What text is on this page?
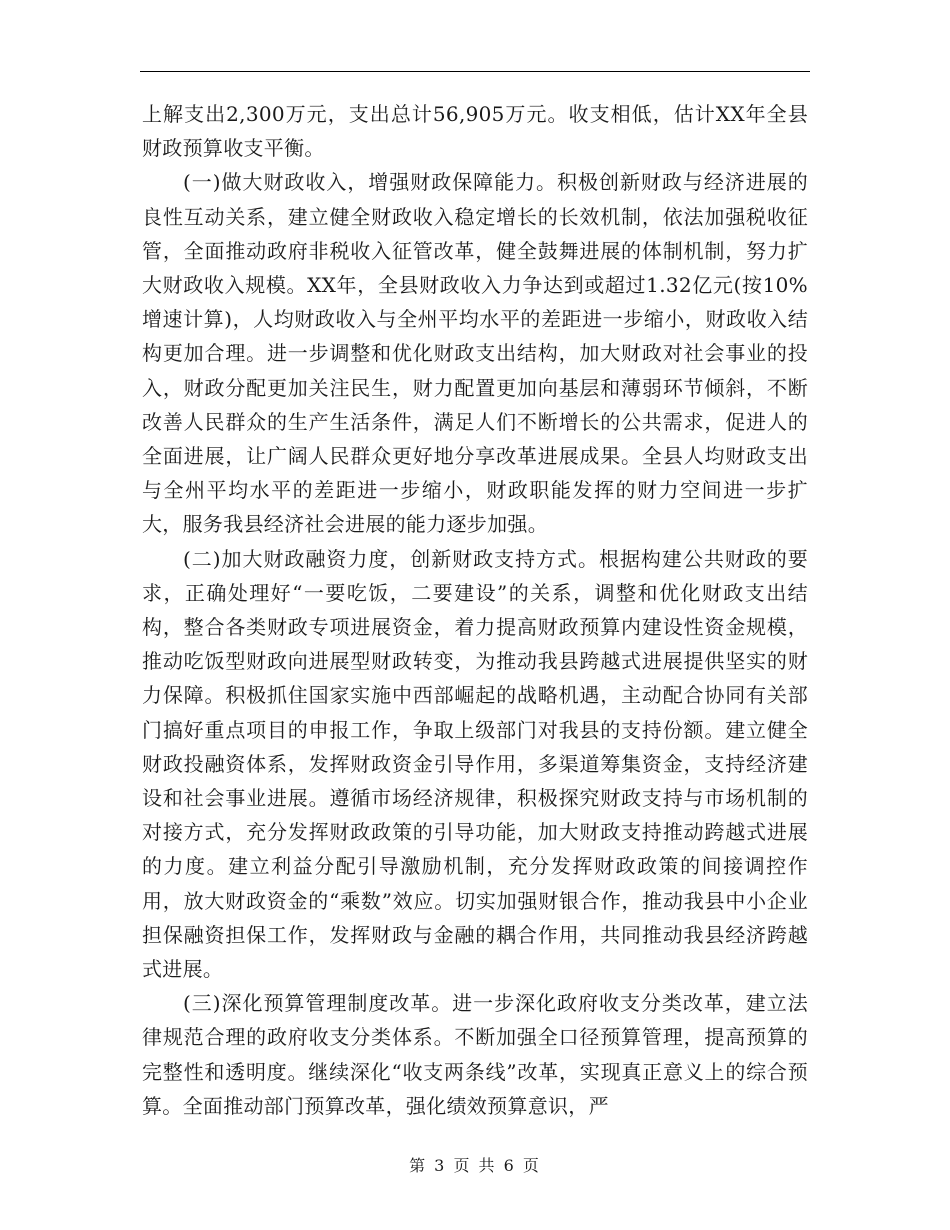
上解支出2,300万元，支出总计56,905万元。收支相低，估计XX年全县财政预算收支平衡。

(一)做大财政收入，增强财政保障能力。积极创新财政与经济进展的良性互动关系，建立健全财政收入稳定增长的长效机制，依法加强税收征管，全面推动政府非税收入征管改革，健全鼓舞进展的体制机制，努力扩大财政收入规模。XX年，全县财政收入力争达到或超过1.32亿元(按10%增速计算)，人均财政收入与全州平均水平的差距进一步缩小，财政收入结构更加合理。进一步调整和优化财政支出结构，加大财政对社会事业的投入，财政分配更加关注民生，财力配置更加向基层和薄弱环节倾斜，不断改善人民群众的生产生活条件，满足人们不断增长的公共需求，促进人的全面进展，让广阔人民群众更好地分享改革进展成果。全县人均财政支出与全州平均水平的差距进一步缩小，财政职能发挥的财力空间进一步扩大，服务我县经济社会进展的能力逐步加强。

(二)加大财政融资力度，创新财政支持方式。根据构建公共财政的要求，正确处理好“一要吃饭，二要建设”的关系，调整和优化财政支出结构，整合各类财政专项进展资金，着力提高财政预算内建设性资金规模，推动吃饭型财政向进展型财政转变，为推动我县跨越式进展提供坚实的财力保障。积极抓住国家实施中西部崛起的战略机遇，主动配合协同有关部门搞好重点项目的申报工作，争取上级部门对我县的支持份额。建立健全财政投融资体系，发挥财政资金引导作用，多渠道筹集资金，支持经济建设和社会事业进展。遵循市场经济规律，积极探究财政支持与市场机制的对接方式，充分发挥财政政策的引导功能，加大财政支持推动跨越式进展的力度。建立利益分配引导激励机制，充分发挥财政政策的间接调控作用，放大财政资金的“乘数”效应。切实加强财银合作，推动我县中小企业担保融资担保工作，发挥财政与金融的耦合作用，共同推动我县经济跨越式进展。

(三)深化预算管理制度改革。进一步深化政府收支分类改革，建立法律规范合理的政府收支分类体系。不断加强全口径预算管理，提高预算的完整性和透明度。继续深化“收支两条线”改革，实现真正意义上的综合预算。全面推动部门预算改革，强化绩效预算意识，严

第 3 页 共 6 页
